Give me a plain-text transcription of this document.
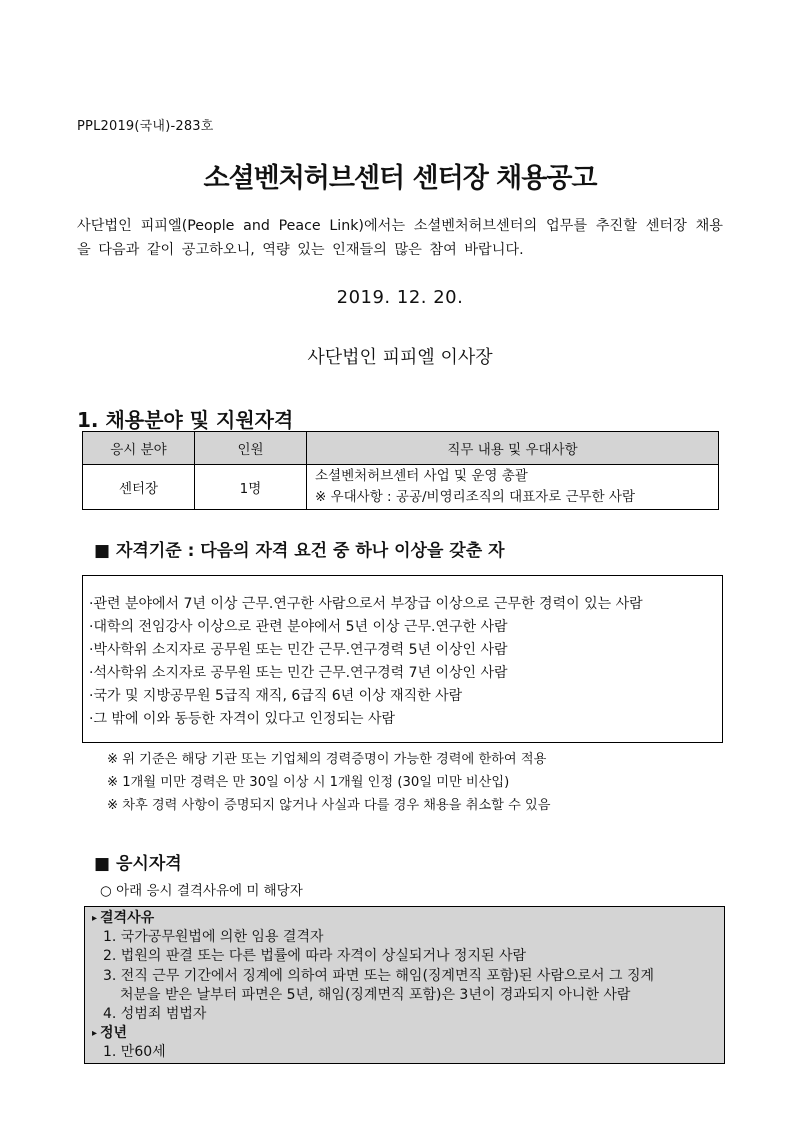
PPL2019(국내)-283호
소셜벤처허브센터 센터장 채용공고
사단법인 피피엘(People and Peace Link)에서는 소셜벤처허브센터의 업무를 추진할 센터장 채용을 다음과 같이 공고하오니, 역량 있는 인재들의 많은 참여 바랍니다.
2019. 12. 20.
사단법인 피피엘 이사장
1. 채용분야 및 지원자격
응시 분야	인원	직무 내용 및 우대사항
센터장	1명	소셜벤처허브센터 사업 및 운영 총괄
※ 우대사항 : 공공/비영리조직의 대표자로 근무한 사람
■ 자격기준 : 다음의 자격 요건 중 하나 이상을 갖춘 자
·관련 분야에서 7년 이상 근무.연구한 사람으로서 부장급 이상으로 근무한 경력이 있는 사람
·대학의 전임강사 이상으로 관련 분야에서 5년 이상 근무.연구한 사람
·박사학위 소지자로 공무원 또는 민간 근무.연구경력 5년 이상인 사람
·석사학위 소지자로 공무원 또는 민간 근무.연구경력 7년 이상인 사람
·국가 및 지방공무원 5급직 재직, 6급직 6년 이상 재직한 사람
·그 밖에 이와 동등한 자격이 있다고 인정되는 사람
※ 위 기준은 해당 기관 또는 기업체의 경력증명이 가능한 경력에 한하여 적용
※ 1개월 미만 경력은 만 30일 이상 시 1개월 인정 (30일 미만 비산입)
※ 차후 경력 사항이 증명되지 않거나 사실과 다를 경우 채용을 취소할 수 있음
■ 응시자격
○ 아래 응시 결격사유에 미 해당자
▸ 결격사유
1. 국가공무원법에 의한 임용 결격자
2. 법원의 판결 또는 다른 법률에 따라 자격이 상실되거나 정지된 사람
3. 전직 근무 기간에서 징계에 의하여 파면 또는 해임(징계면직 포함)된 사람으로서 그 징계
처분을 받은 날부터 파면은 5년, 해임(징계면직 포함)은 3년이 경과되지 아니한 사람
4. 성범죄 범법자
▸ 정년
1. 만60세
